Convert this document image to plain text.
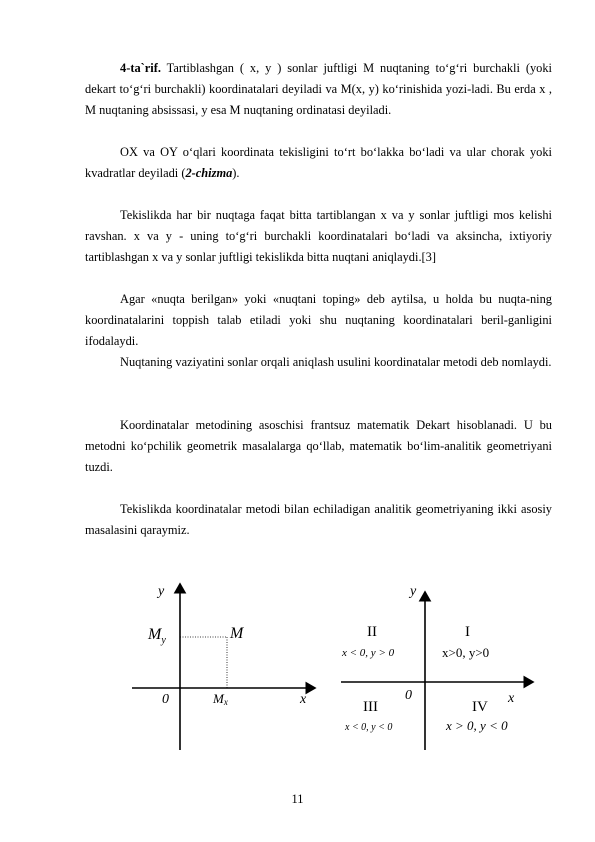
4-ta`rif. Tartiblashgan ( x, y ) sonlar juftligi M nuqtaning to‘g‘ri burchakli (yoki dekart to‘g‘ri burchakli) koordinatalari deyiladi va M(x, y) ko‘rinishida yozi-ladi. Bu erda x , M nuqtaning absissasi, y esa M nuqtaning ordinatasi deyiladi.

OX va OY o‘qlari koordinata tekisligini to‘rt bo‘lakka bo‘ladi va ular chorak yoki kvadratlar deyiladi (2-chizma).

Tekislikda har bir nuqtaga faqat bitta tartiblangan x va y sonlar juftligi mos kelishi ravshan. x va y - uning to‘g‘ri burchakli koordinatalari bo‘ladi va aksincha, ixtiyoriy tartiblashgan x va y sonlar juftligi tekislikda bitta nuqtani aniqlaydi.[3]

Agar «nuqta berilgan» yoki «nuqtani toping» deb aytilsa, u holda bu nuqta-ning koordinatalarini toppish talab etiladi yoki shu nuqtaning koordinatalari beril-ganligini ifodalaydi.

Nuqtaning vaziyatini sonlar orqali aniqlash usulini koordinatalar metodi deb nomlaydi.

Koordinatalar metodining asoschisi frantsuz matematik Dekart hisoblanadi. U bu metodni ko‘pchilik geometrik masalalarga qo‘llab, matematik bo‘lim-analitik geometriyani tuzdi.

Tekislikda koordinatalar metodi bilan echiladigan analitik geometriyaning ikki asosiy masalasini qaraymiz.

y
x
0
M
$M_y$
Mx
y
x
0
II
x < 0, y > 0
I
x>0, y>0
III
x < 0, y < 0
IV
x > 0, y < 0
11
